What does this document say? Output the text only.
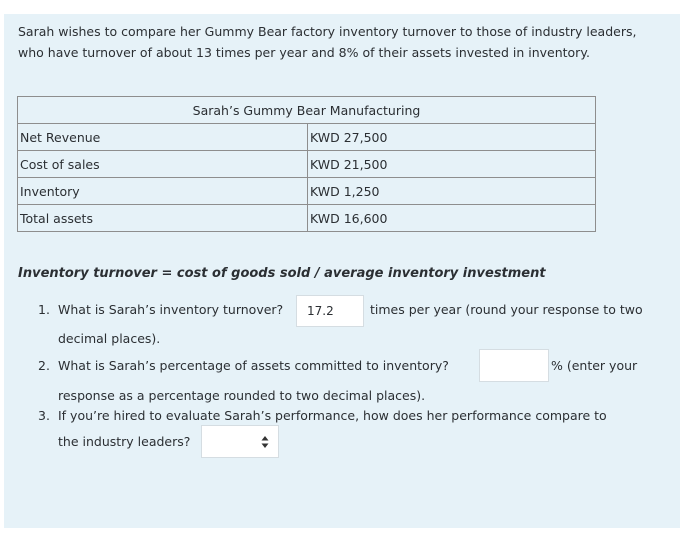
Sarah wishes to compare her Gummy Bear factory inventory turnover to those of industry leaders, who have turnover of about 13 times per year and 8% of their assets invested in inventory.
Sarah’s Gummy Bear Manufacturing	
Net Revenue	KWD 27,500
Cost of sales	KWD 21,500
Inventory	KWD 1,250
Total assets	KWD 16,600
Inventory turnover = cost of goods sold / average inventory investment
1. What is Sarah’s inventory turnover?	17.2	times per year (round your response to two
decimal places).
2. What is Sarah’s percentage of assets committed to inventory?	% (enter your
response as a percentage rounded to two decimal places).
3. If you’re hired to evaluate Sarah’s performance, how does her performance compare to
the industry leaders?
